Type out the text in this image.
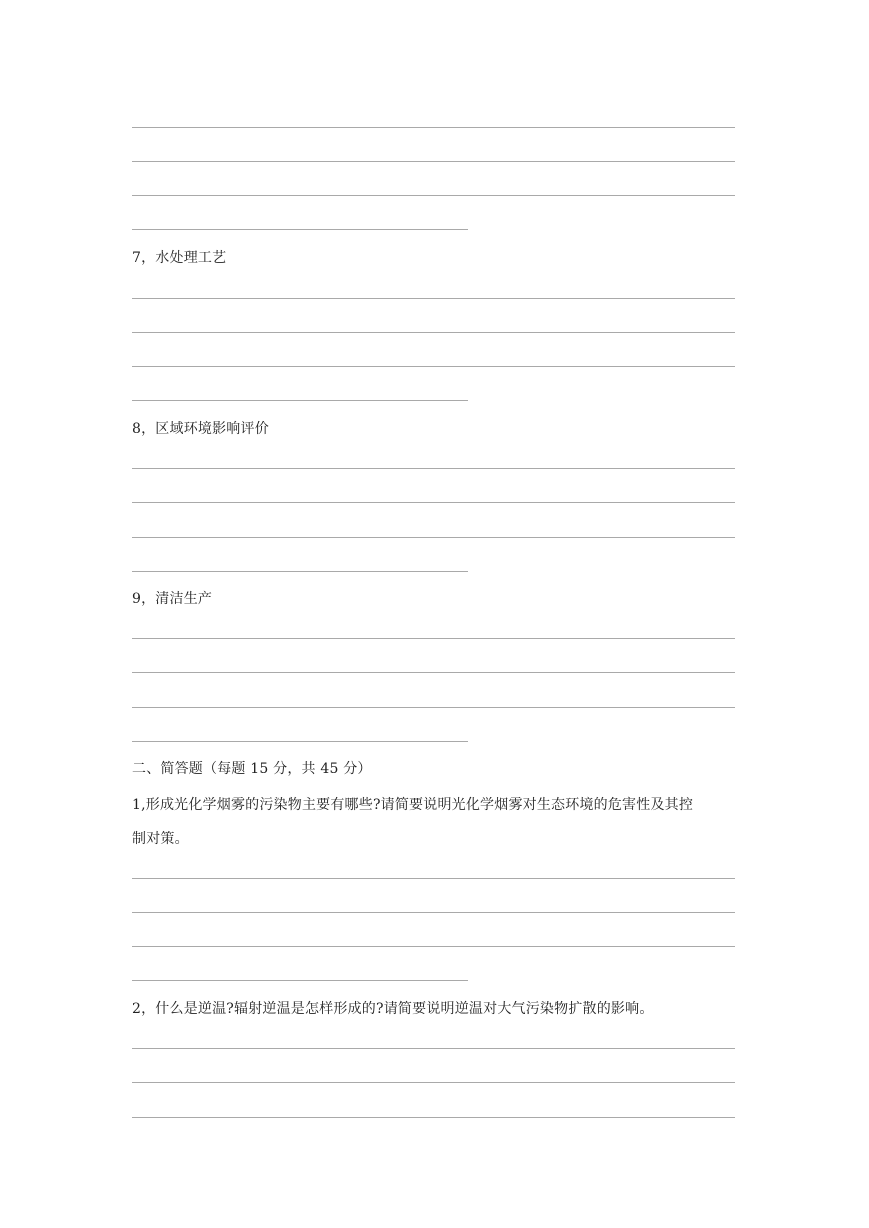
7，水处理工艺
8，区域环境影响评价
9，清洁生产
二、简答题（每题 15 分，共 45 分）
1,形成光化学烟雾的污染物主要有哪些?请简要说明光化学烟雾对生态环境的危害性及其控
制对策。
2，什么是逆温?辐射逆温是怎样形成的?请简要说明逆温对大气污染物扩散的影响。
